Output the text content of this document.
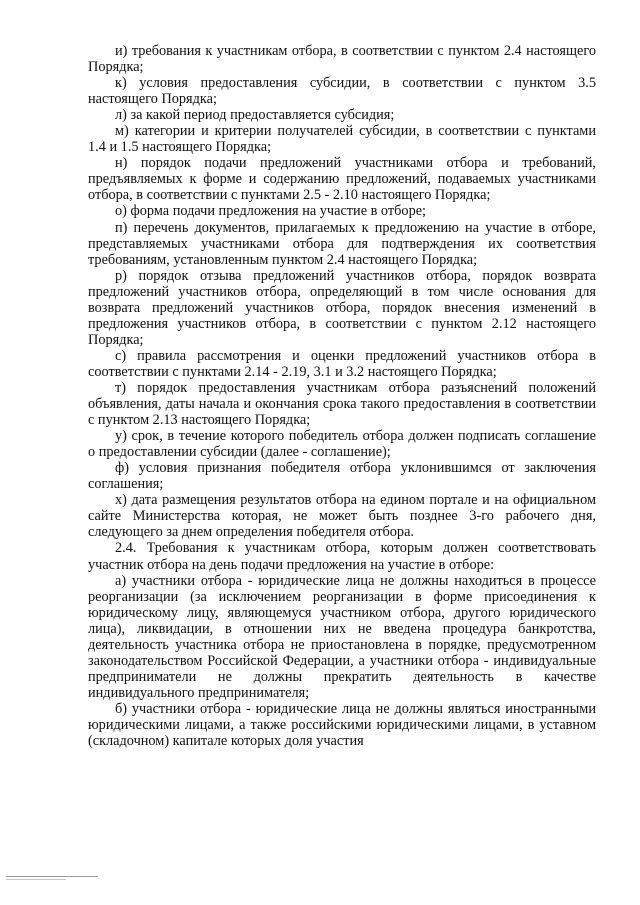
и) требования к участникам отбора, в соответствии с пунктом 2.4 настоящего Порядка;

к) условия предоставления субсидии, в соответствии с пунктом 3.5 настоящего Порядка;

л) за какой период предоставляется субсидия;

м) категории и критерии получателей субсидии, в соответствии с пунктами 1.4 и 1.5 настоящего Порядка;

н) порядок подачи предложений участниками отбора и требований, предъявляемых к форме и содержанию предложений, подаваемых участниками отбора, в соответствии с пунктами 2.5 - 2.10 настоящего Порядка;

о) форма подачи предложения на участие в отборе;

п) перечень документов, прилагаемых к предложению на участие в отборе, представляемых участниками отбора для подтверждения их соответствия требованиям, установленным пунктом 2.4 настоящего Порядка;

р) порядок отзыва предложений участников отбора, порядок возврата предложений участников отбора, определяющий в том числе основания для возврата предложений участников отбора, порядок внесения изменений в предложения участников отбора, в соответствии с пунктом 2.12 настоящего Порядка;

с) правила рассмотрения и оценки предложений участников отбора в соответствии с пунктами 2.14 - 2.19, 3.1 и 3.2 настоящего Порядка;

т) порядок предоставления участникам отбора разъяснений положений объявления, даты начала и окончания срока такого предоставления в соответствии с пунктом 2.13 настоящего Порядка;

у) срок, в течение которого победитель отбора должен подписать соглашение о предоставлении субсидии (далее - соглашение);

ф) условия признания победителя отбора уклонившимся от заключения соглашения;

х) дата размещения результатов отбора на едином портале и на официальном сайте Министерства которая, не может быть позднее 3-го рабочего дня, следующего за днем определения победителя отбора.

2.4. Требования к участникам отбора, которым должен соответствовать участник отбора на день подачи предложения на участие в отборе:

а) участники отбора - юридические лица не должны находиться в процессе реорганизации (за исключением реорганизации в форме присоединения к юридическому лицу, являющемуся участником отбора, другого юридического лица), ликвидации, в отношении них не введена процедура банкротства, деятельность участника отбора не приостановлена в порядке, предусмотренном законодательством Российской Федерации, а участники отбора - индивидуальные предприниматели не должны прекратить деятельность в качестве индивидуального предпринимателя;

б) участники отбора - юридические лица не должны являться иностранными юридическими лицами, а также российскими юридическими лицами, в уставном (складочном) капитале которых доля участия
